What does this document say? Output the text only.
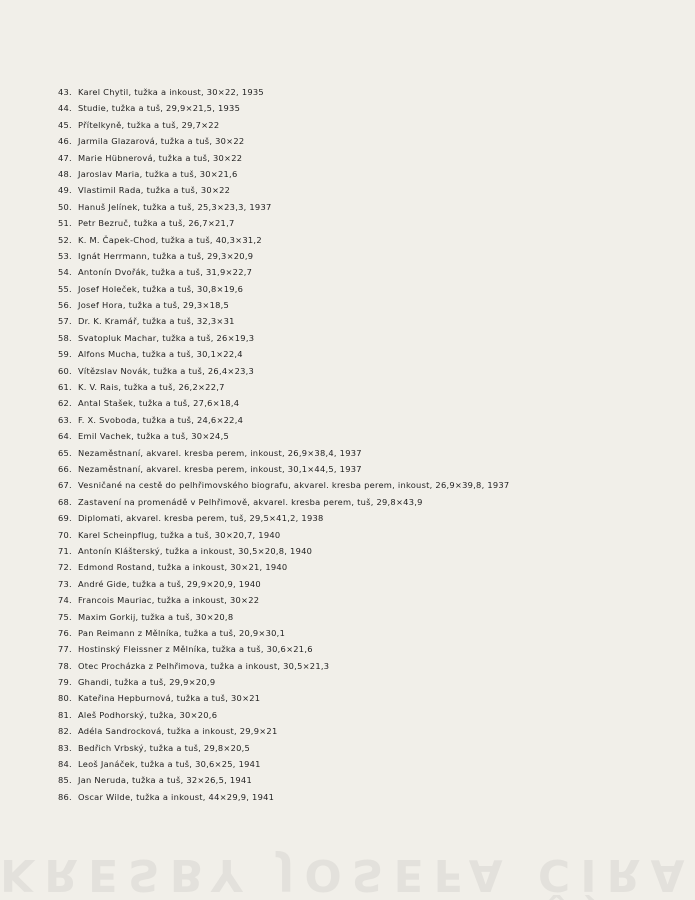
43. Karel Chytil, tužka a inkoust, 30×22, 1935
44. Studie, tužka a tuš, 29,9×21,5, 1935
45. Přítelkyně, tužka a tuš, 29,7×22
46. Jarmila Glazarová, tužka a tuš, 30×22
47. Marie Hübnerová, tužka a tuš, 30×22
48. Jaroslav Maria, tužka a tuš, 30×21,6
49. Vlastimil Rada, tužka a tuš, 30×22
50. Hanuš Jelínek, tužka a tuš, 25,3×23,3, 1937
51. Petr Bezruč, tužka a tuš, 26,7×21,7
52. K. M. Čapek-Chod, tužka a tuš, 40,3×31,2
53. Ignát Herrmann, tužka a tuš, 29,3×20,9
54. Antonín Dvořák, tužka a tuš, 31,9×22,7
55. Josef Holeček, tužka a tuš, 30,8×19,6
56. Josef Hora, tužka a tuš, 29,3×18,5
57. Dr. K. Kramář, tužka a tuš, 32,3×31
58. Svatopluk Machar, tužka a tuš, 26×19,3
59. Alfons Mucha, tužka a tuš, 30,1×22,4
60. Vítězslav Novák, tužka a tuš, 26,4×23,3
61. K. V. Rais, tužka a tuš, 26,2×22,7
62. Antal Stašek, tužka a tuš, 27,6×18,4
63. F. X. Svoboda, tužka a tuš, 24,6×22,4
64. Emil Vachek, tužka a tuš, 30×24,5
65. Nezaměstnaní, akvarel. kresba perem, inkoust, 26,9×38,4, 1937
66. Nezaměstnaní, akvarel. kresba perem, inkoust, 30,1×44,5, 1937
67. Vesničané na cestě do pelhřimovského biografu, akvarel. kresba perem, inkoust, 26,9×39,8, 1937
68. Zastavení na promenádě v Pelhřimově, akvarel. kresba perem, tuš, 29,8×43,9
69. Diplomati, akvarel. kresba perem, tuš, 29,5×41,2, 1938
70. Karel Scheinpflug, tužka a tuš, 30×20,7, 1940
71. Antonín Klášterský, tužka a inkoust, 30,5×20,8, 1940
72. Edmond Rostand, tužka a inkoust, 30×21, 1940
73. André Gide, tužka a tuš, 29,9×20,9, 1940
74. Francois Mauriac, tužka a inkoust, 30×22
75. Maxim Gorkij, tužka a tuš, 30×20,8
76. Pan Reimann z Mělníka, tužka a tuš, 20,9×30,1
77. Hostinský Fleissner z Mělníka, tužka a tuš, 30,6×21,6
78. Otec Procházka z Pelhřimova, tužka a inkoust, 30,5×21,3
79. Ghandi, tužka a tuš, 29,9×20,9
80. Kateřina Hepburnová, tužka a tuš, 30×21
81. Aleš Podhorský, tužka, 30×20,6
82. Adéla Sandrocková, tužka a inkoust, 29,9×21
83. Bedřich Vrbský, tužka a tuš, 29,8×20,5
84. Leoš Janáček, tužka a tuš, 30,6×25, 1941
85. Jan Neruda, tužka a tuš, 32×26,5, 1941
86. Oscar Wilde, tužka a inkoust, 44×29,9, 1941
KRESBY JOSEFA ČÍRA
